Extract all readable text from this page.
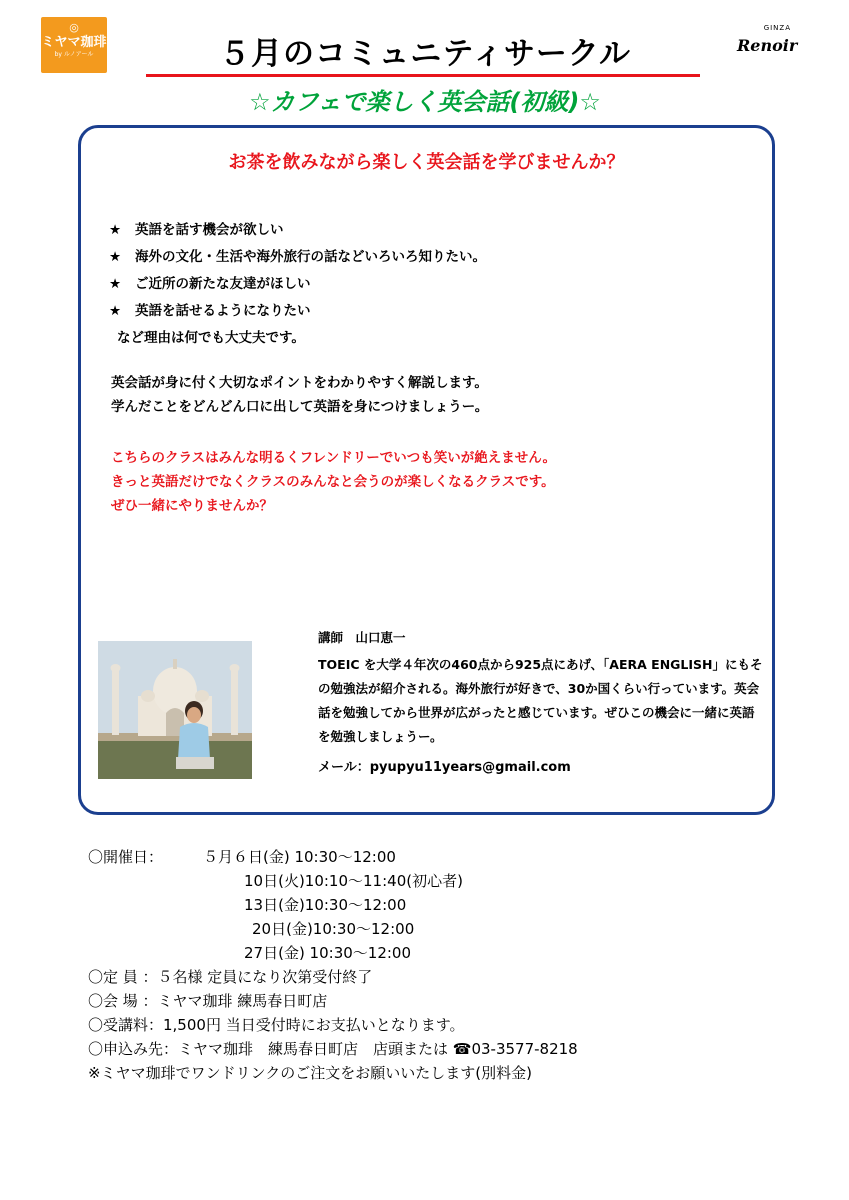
◎
ミヤマ珈琲
by ルノアール
GINZA
Renoir
５月のコミュニティサークル
☆カフェで楽しく英会話(初級)☆
お茶を飲みながら楽しく英会話を学びませんか？
★ 英語を話す機会が欲しい
★ 海外の文化・生活や海外旅行の話などいろいろ知りたい。
★ ご近所の新たな友達がほしい
★ 英語を話せるようになりたい
など理由は何でも大丈夫です。
英会話が身に付く大切なポイントをわかりやすく解説します。
学んだことをどんどん口に出して英語を身につけましょうー。
こちらのクラスはみんな明るくフレンドリーでいつも笑いが絶えません。
きっと英語だけでなくクラスのみんなと会うのが楽しくなるクラスです。
ぜひ一緒にやりませんか？
講師　山口恵一
TOEIC を大学４年次の460点から925点にあげ、「AERA ENGLISH」にもその勉強法が紹介される。海外旅行が好きで、30か国くらい行っています。英会話を勉強してから世界が広がったと感じています。ぜひこの機会に一緒に英語を勉強しましょうー。
メール：pyupyu11years@gmail.com
〇開催日：	５月６日(金) 10:30～12:00
10日(火)10:10～11:40(初心者)
13日(金)10:30～12:00
20日(金)10:30～12:00
27日(金) 10:30～12:00
〇定 員 ：５名様 定員になり次第受付終了
〇会 場 ：ミヤマ珈琲 練馬春日町店
〇受講料：1,500円 当日受付時にお支払いとなります。
〇申込み先：ミヤマ珈琲　練馬春日町店　店頭または ☎03-3577-8218
※ミヤマ珈琲でワンドリンクのご注文をお願いいたします(別料金)
